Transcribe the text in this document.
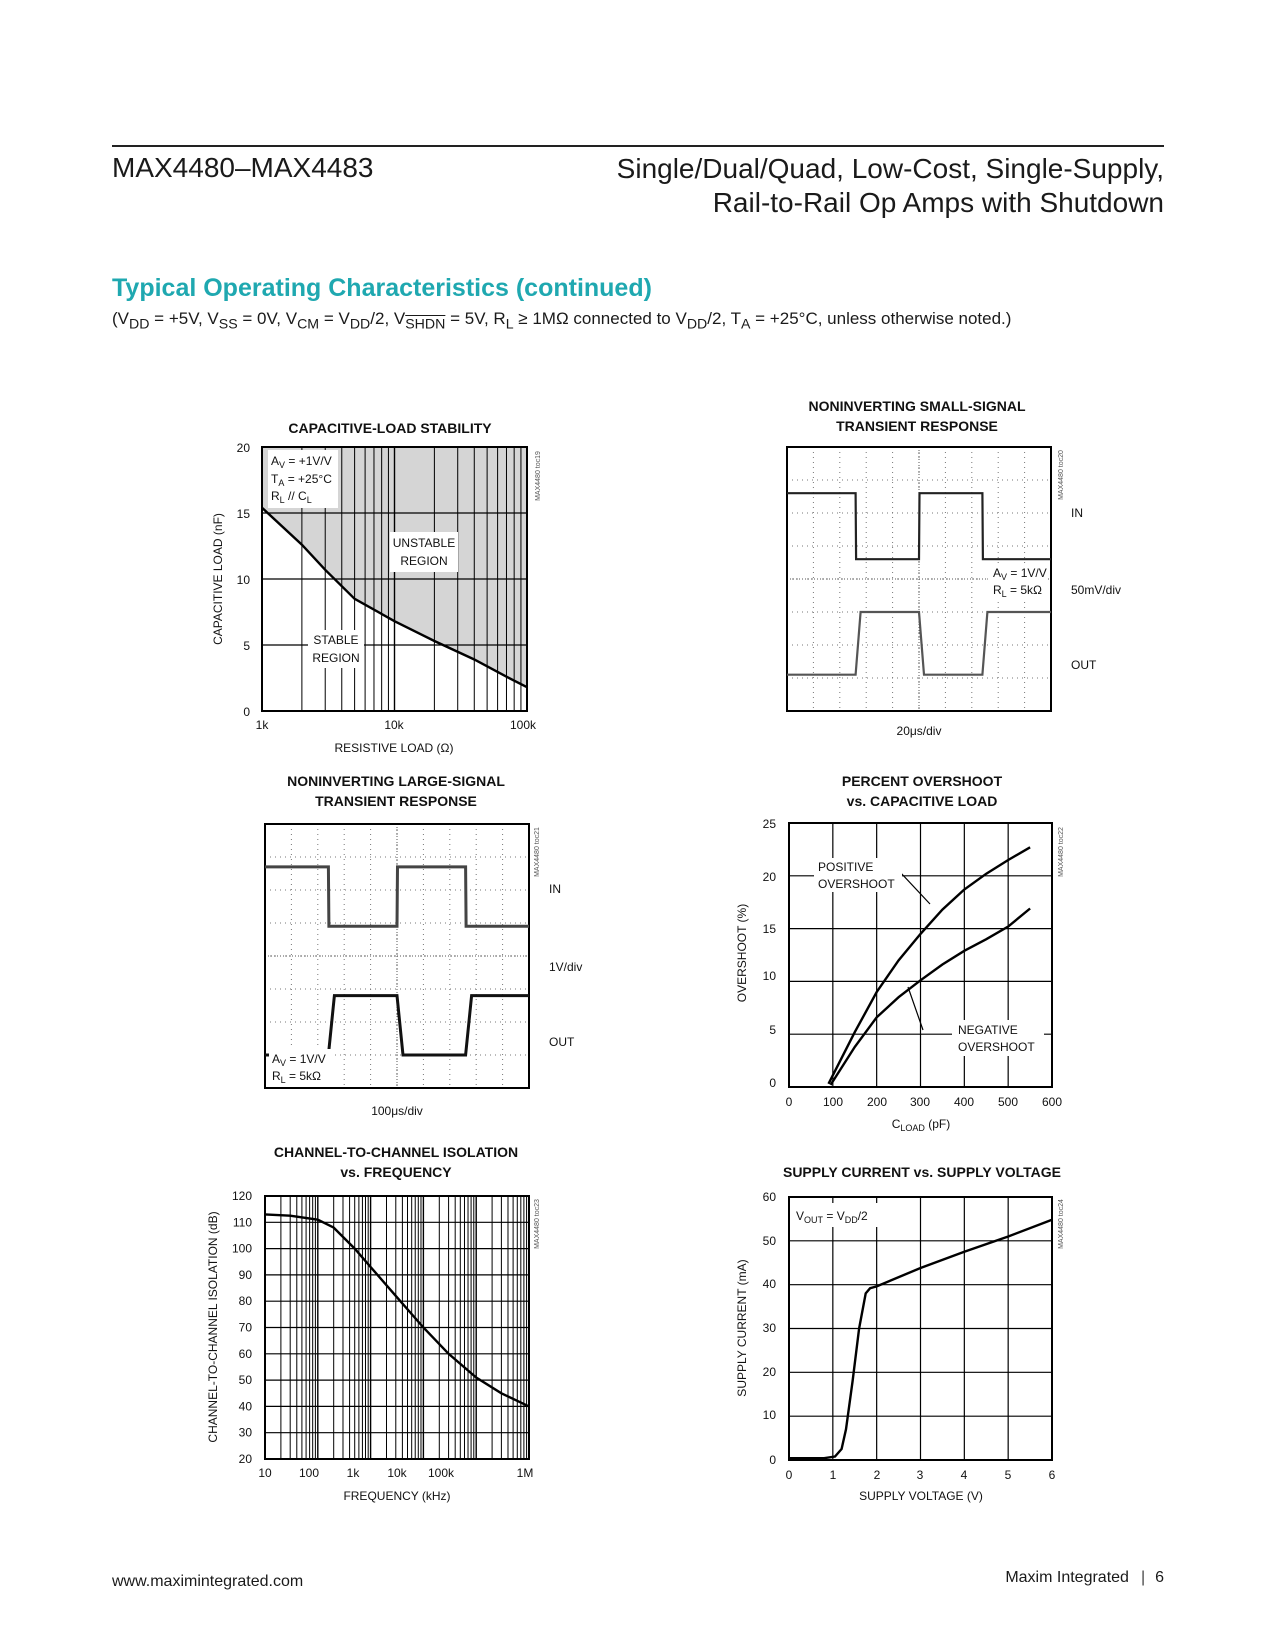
MAX4480–MAX4483	Single/Dual/Quad, Low-Cost, Single-Supply,
Rail-to-Rail Op Amps with Shutdown
Typical Operating Characteristics (continued)
($V_{DD} = +5V$, $V_{SS} = 0V$, $V_{CM} = V_{DD}/2$, $V_{SHDN} = 5V$, $R_L \ge 1M\Omega$ connected to $V_{DD}/2$, $T_A = +25^\circ C$, unless otherwise noted.)
CAPACITIVE-LOAD STABILITY
$A_V = +1V/V$
$T_A = +25^\circ C$
$R_L // C_L$
UNSTABLE
REGION
STABLE
REGION
20
15
10
5
0
1k	10k	100k
RESISTIVE LOAD (Ω)
CAPACITIVE LOAD (nF)
MAX4480 toc19
NONINVERTING SMALL-SIGNAL
TRANSIENT RESPONSE
$A_V = 1V/V$
$R_L = 5k\Omega$
IN
50mV/div
OUT
20μs/div
MAX4480 toc20
NONINVERTING LARGE-SIGNAL
TRANSIENT RESPONSE
$A_V = 1V/V$
$R_L = 5k\Omega$
IN
1V/div
OUT
100μs/div
MAX4480 toc21
PERCENT OVERSHOOT
vs. CAPACITIVE LOAD
POSITIVE
OVERSHOOT
NEGATIVE
OVERSHOOT
25
20
15
10
5
0
0	100 200 300 400 500 600
$C_{LOAD}$ (pF)
OVERSHOOT (%)
MAX4480 toc22
CHANNEL-TO-CHANNEL ISOLATION
vs. FREQUENCY
20
30
40
50
60
70
80
90
100
110
120
10 100 1k 10k 100k	1M
FREQUENCY (kHz)
CHANNEL-TO-CHANNEL ISOLATION (dB)	MAX4480 toc23
SUPPLY CURRENT vs. SUPPLY VOLTAGE
$V_{OUT} = V_{DD}/2$
60
50
40
30
20
10
0
0	1	2	3	4	5	6
SUPPLY VOLTAGE (V)
SUPPLY CURRENT (mA)
MAX4480 toc24
www.maximintegrated.com	Maxim Integrated | 6
